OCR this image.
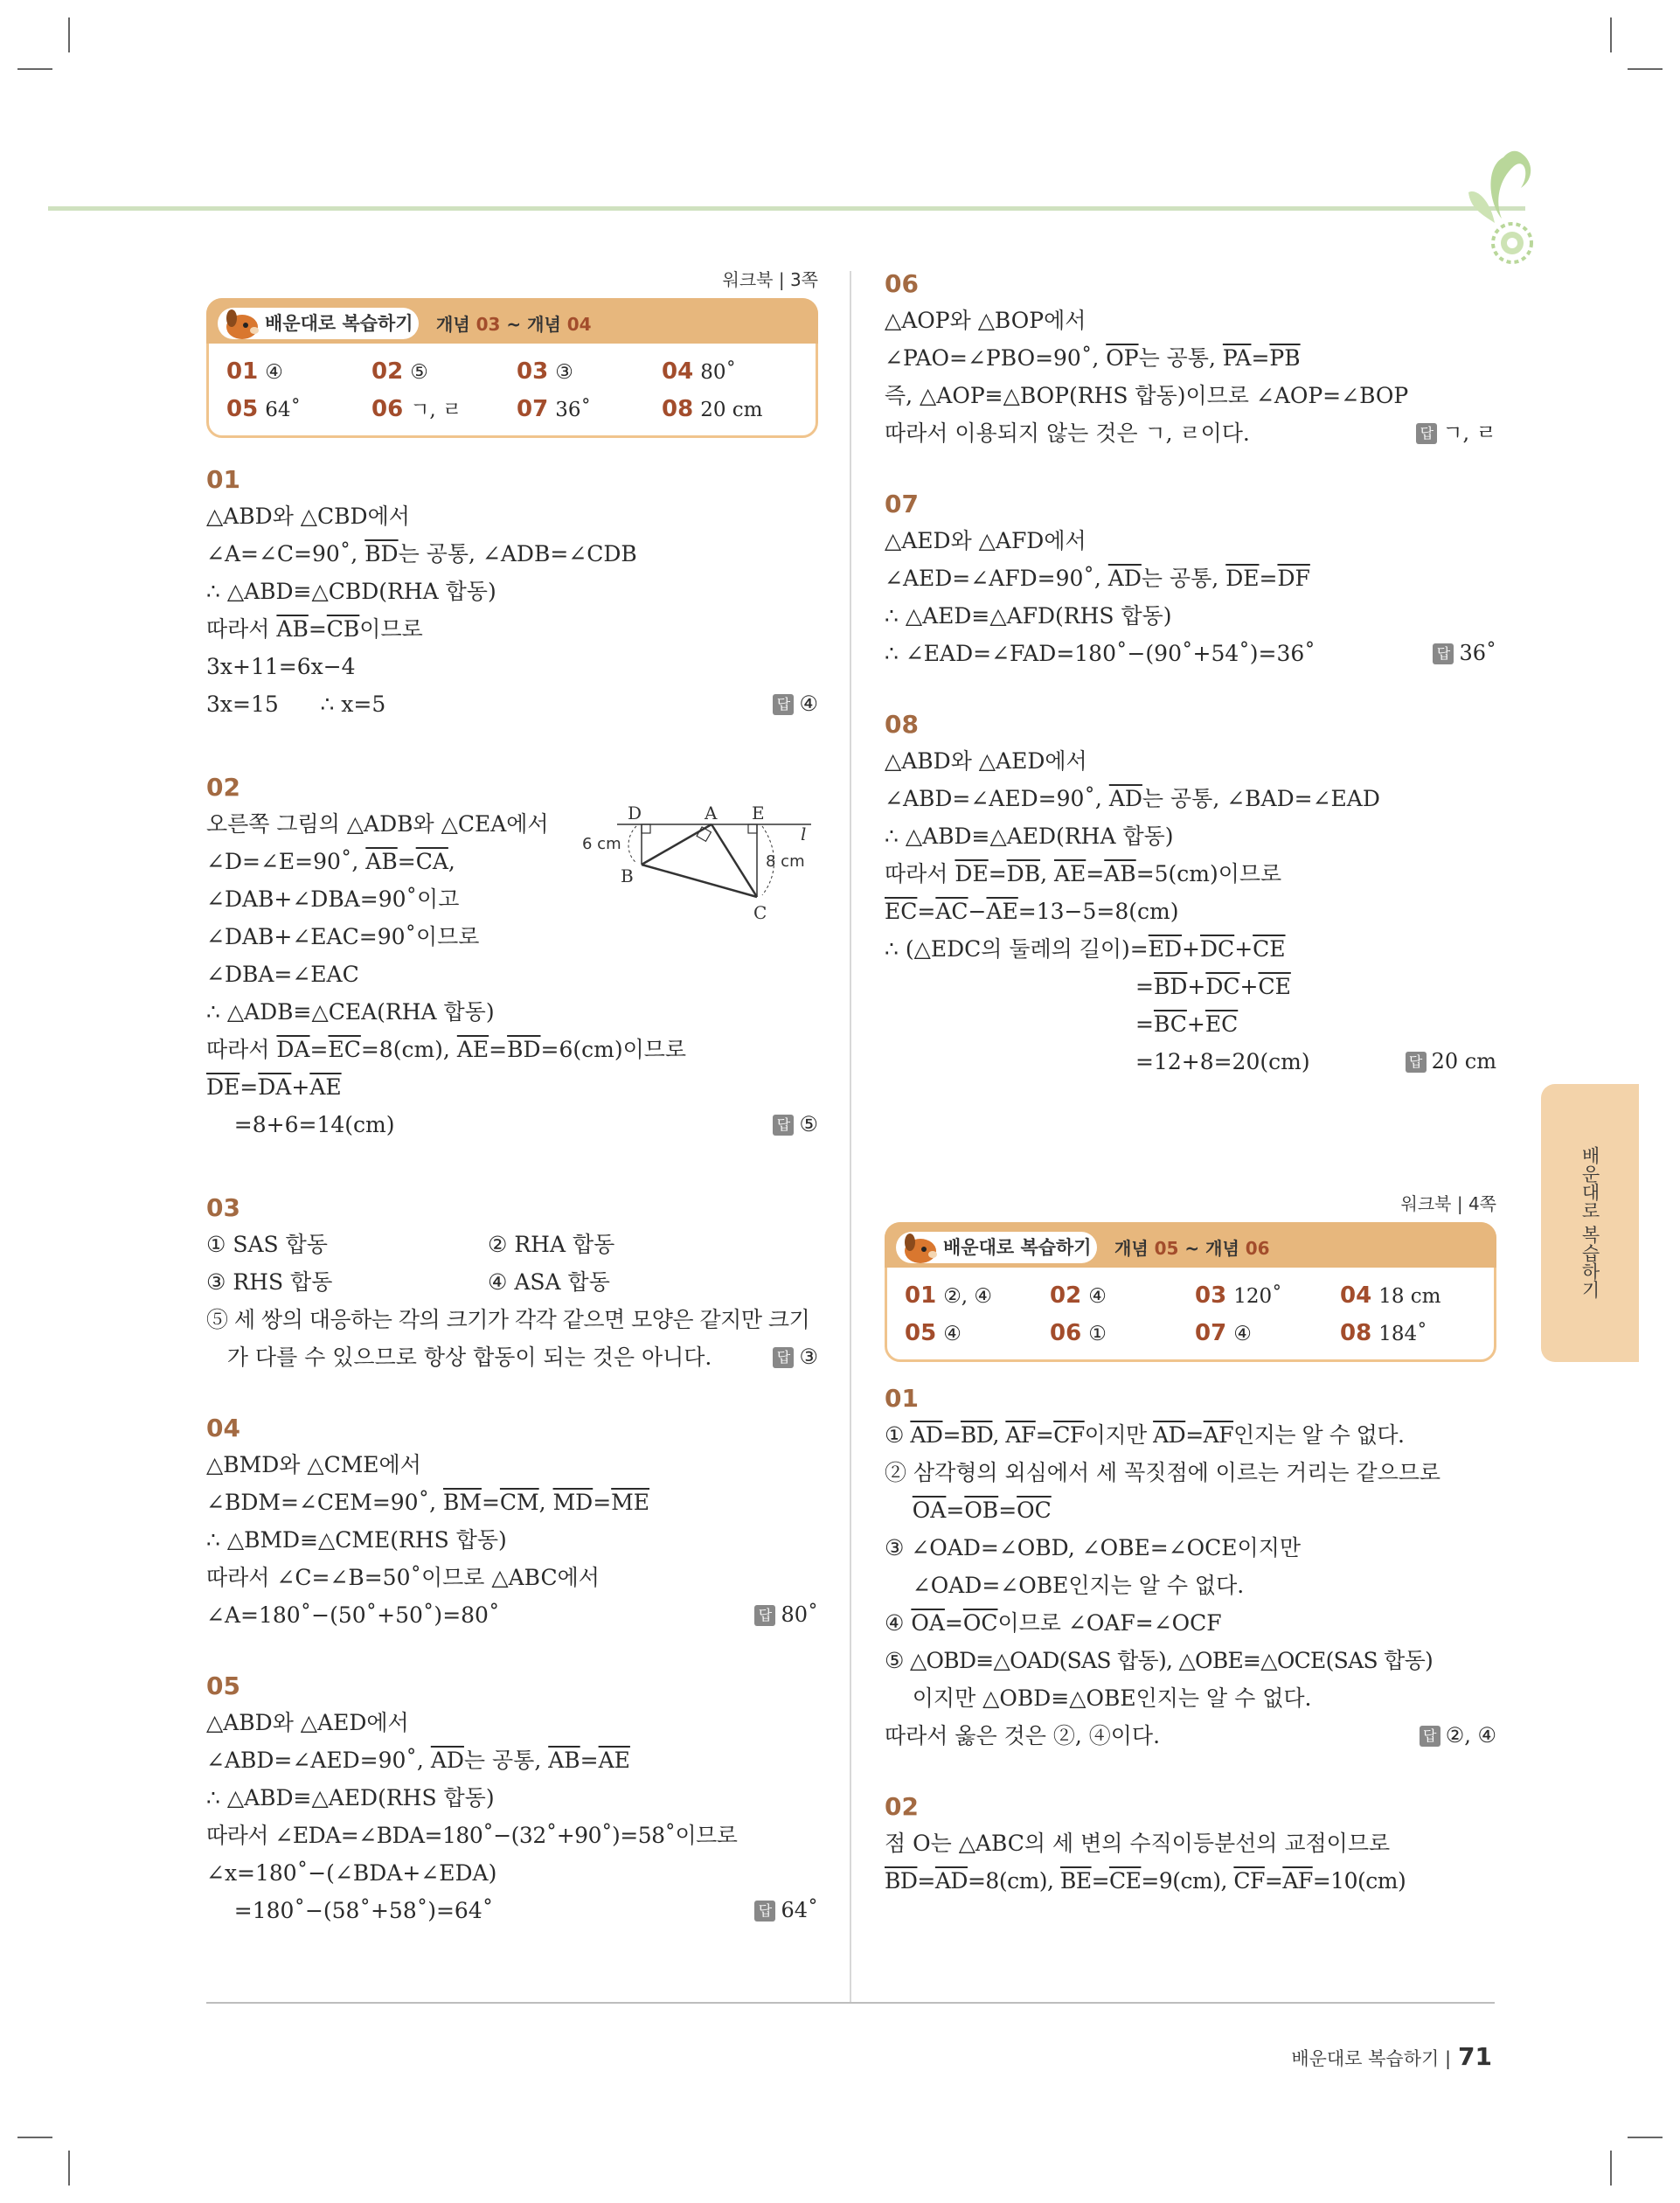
워크북 | 3쪽
배운대로 복습하기	개념 03 ~ 개념 04
01 ④	02 ⑤	03 ③	04 80˚
05 64˚	06 ㄱ, ㄹ	07 36˚	08 20 cm
01
△ABD와 △CBD에서
∠A=∠C=90˚, $\overline{BD}$는 공통, ∠ADB=∠CDB
∴ △ABD≡△CBD(RHA 합동)
따라서 $\overline{AB}=\overline{CB}$이므로
3x+11=6x−4
3x=15      ∴ x=5	답 ④
02
D	A E
l
B
C
6 cm
8 cm
오른쪽 그림의 △ADB와 △CEA에서
∠D=∠E=90˚, $\overline{AB}=\overline{CA}$,
∠DAB+∠DBA=90˚이고
∠DAB+∠EAC=90˚이므로
∠DBA=∠EAC
∴ △ADB≡△CEA(RHA 합동)
따라서 $\overline{DA}=\overline{EC}=8(cm)$, $\overline{AE}=\overline{BD}=6(cm)$이므로
$\overline{DE}=\overline{DA}+\overline{AE}$
=8+6=14(cm)	답 ⑤
03
① SAS 합동	② RHA 합동
③ RHS 합동	④ ASA 합동
⑤ 세 쌍의 대응하는 각의 크기가 각각 같으면 모양은 같지만 크기
가 다를 수 있으므로 항상 합동이 되는 것은 아니다.	답 ③
04
△BMD와 △CME에서
∠BDM=∠CEM=90˚, $\overline{BM}=\overline{CM}$, $\overline{MD}=\overline{ME}$
∴ △BMD≡△CME(RHS 합동)
따라서 ∠C=∠B=50˚이므로 △ABC에서
∠A=180˚−(50˚+50˚)=80˚	답 80˚
05
△ABD와 △AED에서
∠ABD=∠AED=90˚, $\overline{AD}$는 공통, $\overline{AB}=\overline{AE}$
∴ △ABD≡△AED(RHS 합동)
따라서 ∠EDA=∠BDA=180˚−(32˚+90˚)=58˚이므로
∠x=180˚−(∠BDA+∠EDA)
=180˚−(58˚+58˚)=64˚	답 64˚
06
△AOP와 △BOP에서
∠PAO=∠PBO=90˚, $\overline{OP}$는 공통, $\overline{PA}=\overline{PB}$
즉, △AOP≡△BOP(RHS 합동)이므로 ∠AOP=∠BOP
따라서 이용되지 않는 것은 ㄱ, ㄹ이다.	답 ㄱ, ㄹ
07
△AED와 △AFD에서
∠AED=∠AFD=90˚, $\overline{AD}$는 공통, $\overline{DE}=\overline{DF}$
∴ △AED≡△AFD(RHS 합동)
∴ ∠EAD=∠FAD=180˚−(90˚+54˚)=36˚	답 36˚
08
△ABD와 △AED에서
∠ABD=∠AED=90˚, $\overline{AD}$는 공통, ∠BAD=∠EAD
∴ △ABD≡△AED(RHA 합동)
따라서 $\overline{DE}=\overline{DB}$, $\overline{AE}=\overline{AB}=5(cm)$이므로
$\overline{EC}=\overline{AC}-\overline{AE}=13-5=8(cm)$
∴ (△EDC의 둘레의 길이)$=\overline{ED}+\overline{DC}+\overline{CE}$
$=\overline{BD}+\overline{DC}+\overline{CE}$
$=\overline{BC}+\overline{EC}$
=12+8=20(cm)	답 20 cm
워크북 | 4쪽
배운대로 복습하기	개념 05 ~ 개념 06
01 ②, ④	02 ④	03 120˚	04 18 cm
05 ④	06 ①	07 ④	08 184˚
01
① $\overline{AD}=\overline{BD}$, $\overline{AF}=\overline{CF}$이지만 $\overline{AD}=\overline{AF}$인지는 알 수 없다.
② 삼각형의 외심에서 세 꼭짓점에 이르는 거리는 같으므로
$\overline{OA}=\overline{OB}=\overline{OC}$
③ ∠OAD=∠OBD, ∠OBE=∠OCE이지만
∠OAD=∠OBE인지는 알 수 없다.
④ $\overline{OA}=\overline{OC}$이므로 ∠OAF=∠OCF
⑤ △OBD≡△OAD(SAS 합동), △OBE≡△OCE(SAS 합동)
이지만 △OBD≡△OBE인지는 알 수 없다.
따라서 옳은 것은 ②, ④이다.	답 ②, ④
02
점 O는 △ABC의 세 변의 수직이등분선의 교점이므로
$\overline{BD}=\overline{AD}=8(cm)$, $\overline{BE}=\overline{CE}=9(cm)$, $\overline{CF}=\overline{AF}=10(cm)$
배운대로 복습하기
배운대로 복습하기 | 71
